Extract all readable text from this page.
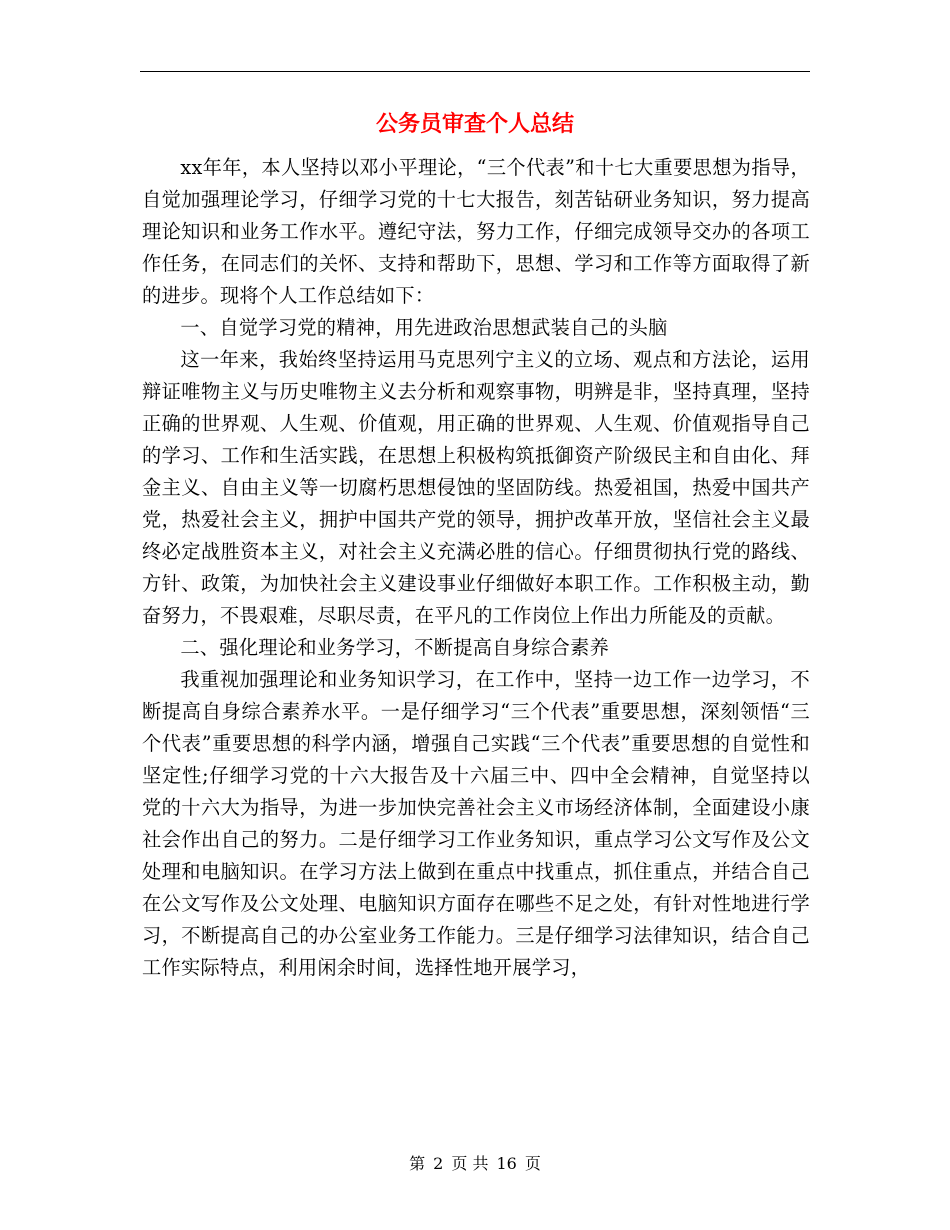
公务员审查个人总结

xx年年，本人坚持以邓小平理论，“三个代表”和十七大重要思想为指导，自觉加强理论学习，仔细学习党的十七大报告，刻苦钻研业务知识，努力提高理论知识和业务工作水平。遵纪守法，努力工作，仔细完成领导交办的各项工作任务，在同志们的关怀、支持和帮助下，思想、学习和工作等方面取得了新的进步。现将个人工作总结如下：

一、自觉学习党的精神，用先进政治思想武装自己的头脑

这一年来，我始终坚持运用马克思列宁主义的立场、观点和方法论，运用辩证唯物主义与历史唯物主义去分析和观察事物，明辨是非，坚持真理，坚持正确的世界观、人生观、价值观，用正确的世界观、人生观、价值观指导自己的学习、工作和生活实践，在思想上积极构筑抵御资产阶级民主和自由化、拜金主义、自由主义等一切腐朽思想侵蚀的坚固防线。热爱祖国，热爱中国共产党，热爱社会主义，拥护中国共产党的领导，拥护改革开放，坚信社会主义最终必定战胜资本主义，对社会主义充满必胜的信心。仔细贯彻执行党的路线、方针、政策，为加快社会主义建设事业仔细做好本职工作。工作积极主动，勤奋努力，不畏艰难，尽职尽责，在平凡的工作岗位上作出力所能及的贡献。

二、强化理论和业务学习，不断提高自身综合素养

我重视加强理论和业务知识学习，在工作中，坚持一边工作一边学习，不断提高自身综合素养水平。一是仔细学习“三个代表”重要思想，深刻领悟“三个代表”重要思想的科学内涵，增强自己实践“三个代表”重要思想的自觉性和坚定性;仔细学习党的十六大报告及十六届三中、四中全会精神，自觉坚持以党的十六大为指导，为进一步加快完善社会主义市场经济体制，全面建设小康社会作出自己的努力。二是仔细学习工作业务知识，重点学习公文写作及公文处理和电脑知识。在学习方法上做到在重点中找重点，抓住重点，并结合自己在公文写作及公文处理、电脑知识方面存在哪些不足之处，有针对性地进行学习，不断提高自己的办公室业务工作能力。三是仔细学习法律知识，结合自己工作实际特点，利用闲余时间，选择性地开展学习，

第 2 页 共 16 页
